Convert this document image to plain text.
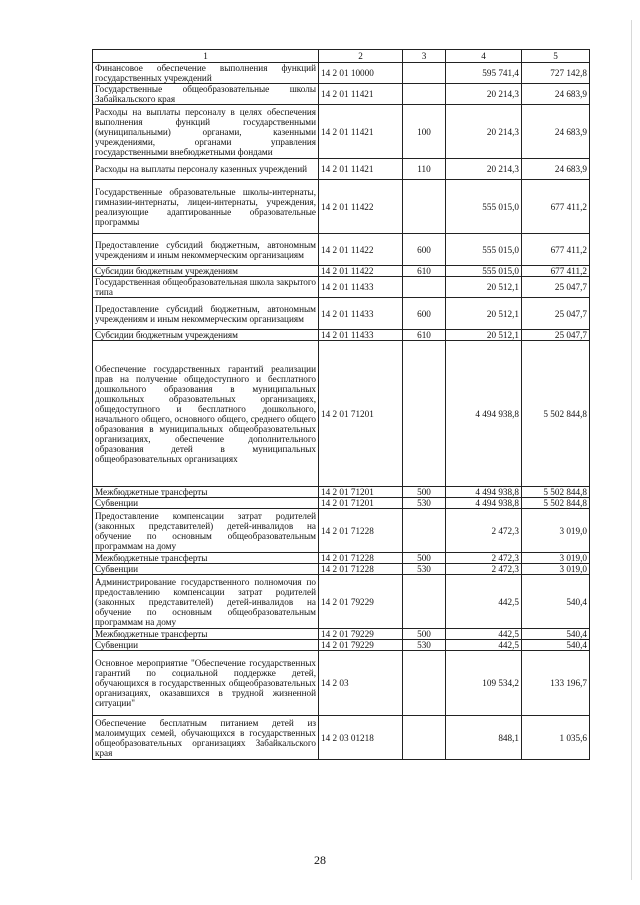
1	2	3	4	5
Финансовое обеспечение выполнения функций государственных учреждений	14 2 01 10000		595 741,4	727 142,8
Государственные общеобразовательные школы Забайкальского края	14 2 01 11421		20 214,3	24 683,9
Расходы на выплаты персоналу в целях обеспечения выполнения функций государственными (муниципальными) органами, казенными учреждениями, органами управления государственными внебюджетными фондами	14 2 01 11421	100	20 214,3	24 683,9
Расходы на выплаты персоналу казенных учреждений	14 2 01 11421	110	20 214,3	24 683,9
Государственные образовательные школы-интернаты, гимназии-интернаты, лицеи-интернаты, учреждения, реализующие адаптированные образовательные программы	14 2 01 11422		555 015,0	677 411,2
Предоставление субсидий бюджетным, автономным учреждениям и иным некоммерческим организациям	14 2 01 11422	600	555 015,0	677 411,2
Субсидии бюджетным учреждениям	14 2 01 11422	610	555 015,0	677 411,2
Государственная общеобразовательная школа закрытого типа	14 2 01 11433		20 512,1	25 047,7
Предоставление субсидий бюджетным, автономным учреждениям и иным некоммерческим организациям	14 2 01 11433	600	20 512,1	25 047,7
Субсидии бюджетным учреждениям	14 2 01 11433	610	20 512,1	25 047,7
Обеспечение государственных гарантий реализации прав на получение общедоступного и бесплатного дошкольного образования в муниципальных дошкольных образовательных организациях, общедоступного и бесплатного дошкольного, начального общего, основного общего, среднего общего образования в муниципальных общеобразовательных организациях, обеспечение дополнительного образования детей в муниципальных общеобразовательных организациях	14 2 01 71201		4 494 938,8	5 502 844,8
Межбюджетные трансферты	14 2 01 71201	500	4 494 938,8	5 502 844,8
Субвенции	14 2 01 71201	530	4 494 938,8	5 502 844,8
Предоставление компенсации затрат родителей (законных представителей) детей-инвалидов на обучение по основным общеобразовательным программам на дому	14 2 01 71228		2 472,3	3 019,0
Межбюджетные трансферты	14 2 01 71228	500	2 472,3	3 019,0
Субвенции	14 2 01 71228	530	2 472,3	3 019,0
Администрирование государственного полномочия по предоставлению компенсации затрат родителей (законных представителей) детей-инвалидов на обучение по основным общеобразовательным программам на дому	14 2 01 79229		442,5	540,4
Межбюджетные трансферты	14 2 01 79229	500	442,5	540,4
Субвенции	14 2 01 79229	530	442,5	540,4
Основное мероприятие "Обеспечение государственных гарантий по социальной поддержке детей, обучающихся в государственных общеобразовательных организациях, оказавшихся в трудной жизненной ситуации"	14 2 03		109 534,2	133 196,7
Обеспечение бесплатным питанием детей из малоимущих семей, обучающихся в государственных общеобразовательных организациях Забайкальского края	14 2 03 01218		848,1	1 035,6
28
